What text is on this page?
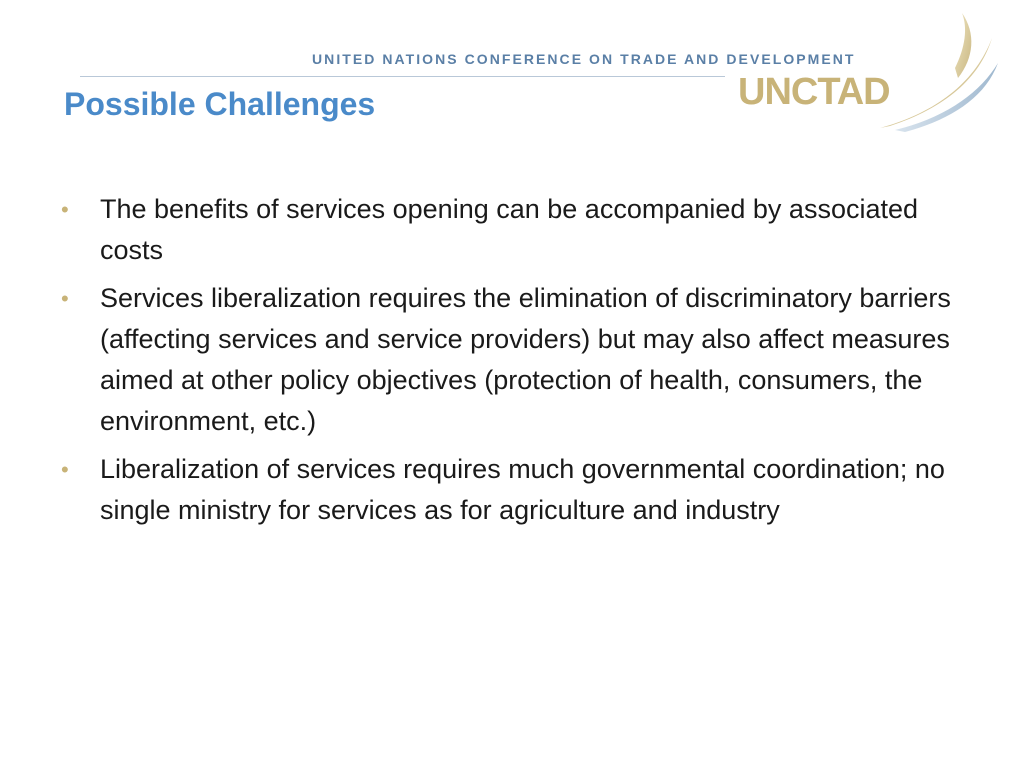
UNITED NATIONS CONFERENCE ON TRADE AND DEVELOPMENT
UNCTAD
Possible Challenges
• The benefits of services opening can be accompanied by associated costs
• Services liberalization requires the elimination of discriminatory barriers (affecting services and service providers) but may also affect measures aimed at other policy objectives (protection of health, consumers, the environment, etc.)
• Liberalization of services requires much governmental coordination; no single ministry for services as for agriculture and industry
